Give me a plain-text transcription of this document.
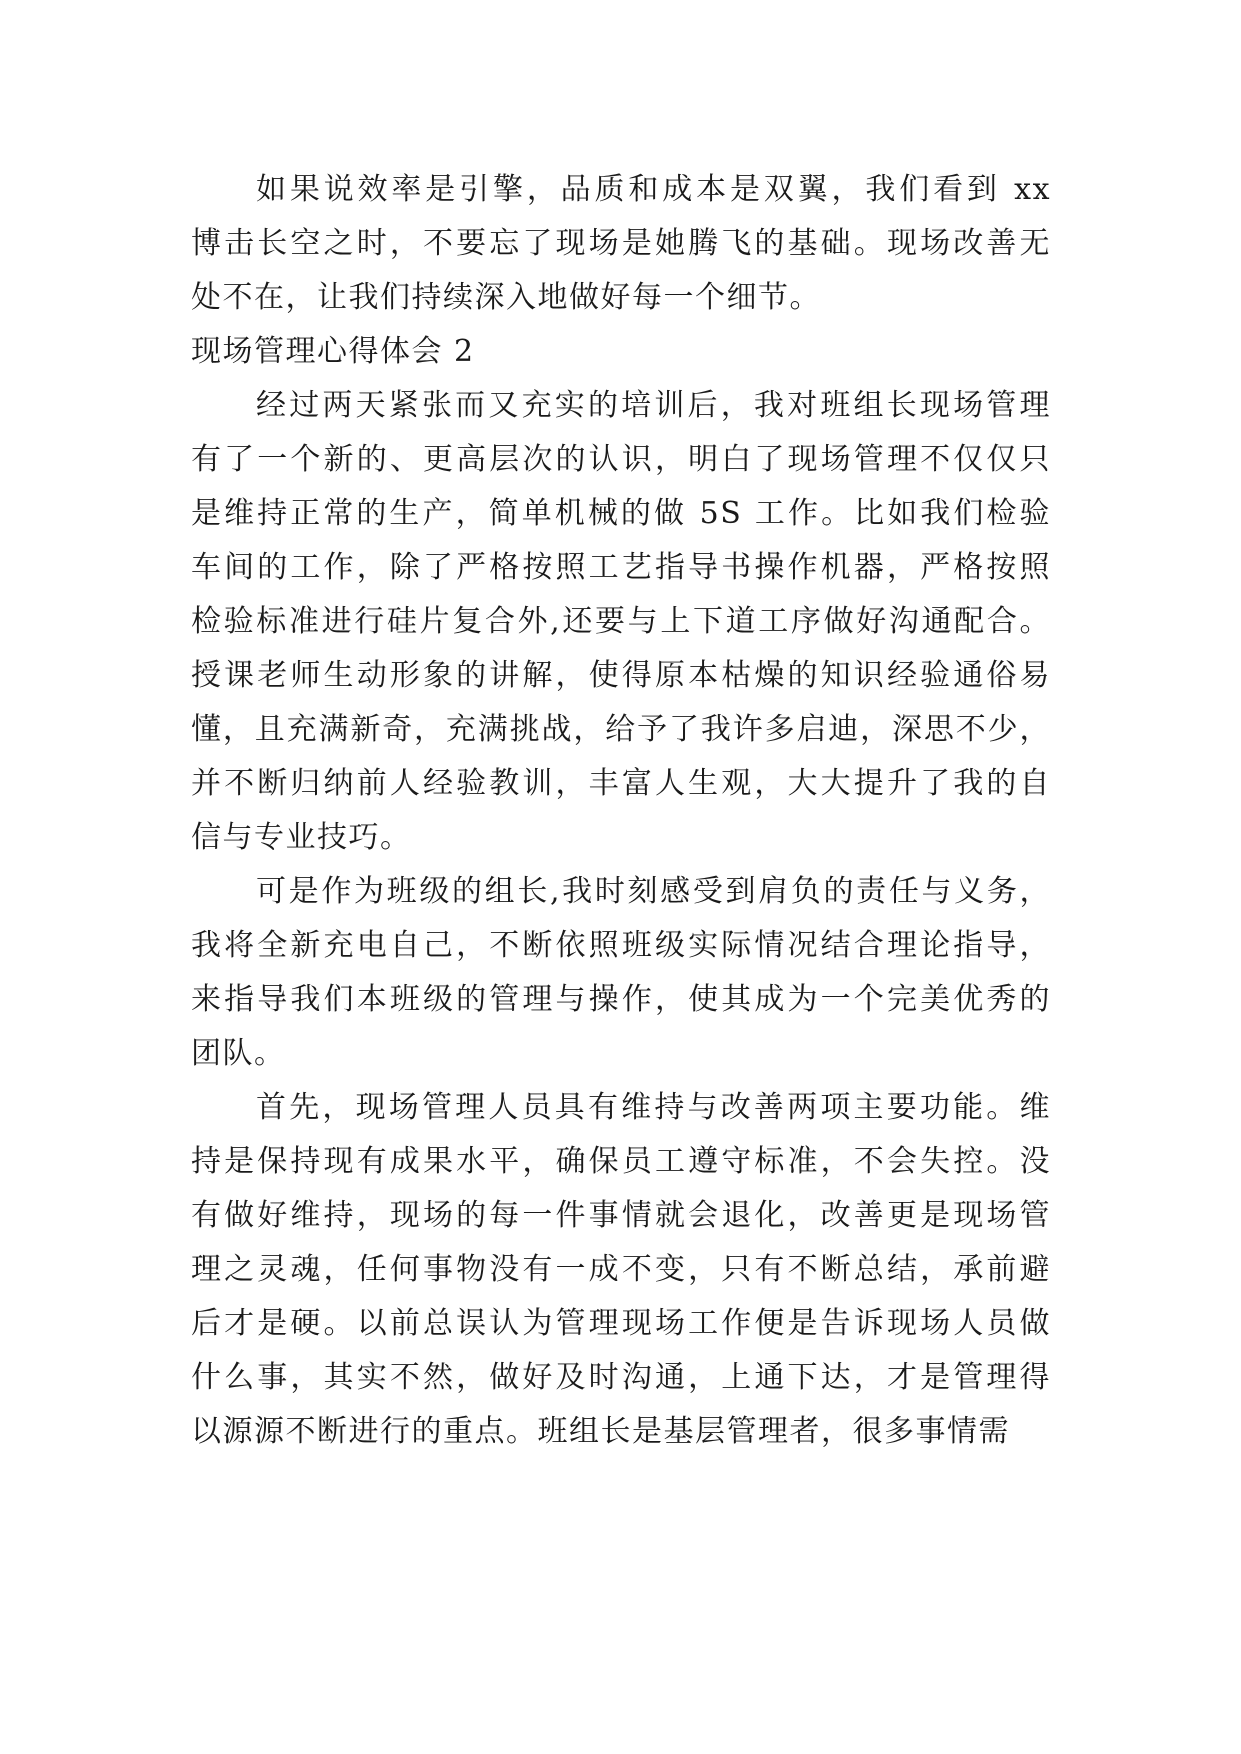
如果说效率是引擎，品质和成本是双翼，我们看到 xx
博击长空之时，不要忘了现场是她腾飞的基础。现场改善无
处不在，让我们持续深入地做好每一个细节。
现场管理心得体会 2
经过两天紧张而又充实的培训后，我对班组长现场管理
有了一个新的、更高层次的认识，明白了现场管理不仅仅只
是维持正常的生产，简单机械的做 5S 工作。比如我们检验
车间的工作，除了严格按照工艺指导书操作机器，严格按照
检验标准进行硅片复合外,还要与上下道工序做好沟通配合。
授课老师生动形象的讲解，使得原本枯燥的知识经验通俗易
懂，且充满新奇，充满挑战，给予了我许多启迪，深思不少，
并不断归纳前人经验教训，丰富人生观，大大提升了我的自
信与专业技巧。
可是作为班级的组长,我时刻感受到肩负的责任与义务，
我将全新充电自己，不断依照班级实际情况结合理论指导，
来指导我们本班级的管理与操作，使其成为一个完美优秀的
团队。
首先，现场管理人员具有维持与改善两项主要功能。维
持是保持现有成果水平，确保员工遵守标准，不会失控。没
有做好维持，现场的每一件事情就会退化，改善更是现场管
理之灵魂，任何事物没有一成不变，只有不断总结，承前避
后才是硬。以前总误认为管理现场工作便是告诉现场人员做
什么事，其实不然，做好及时沟通，上通下达，才是管理得
以源源不断进行的重点。班组长是基层管理者，很多事情需
